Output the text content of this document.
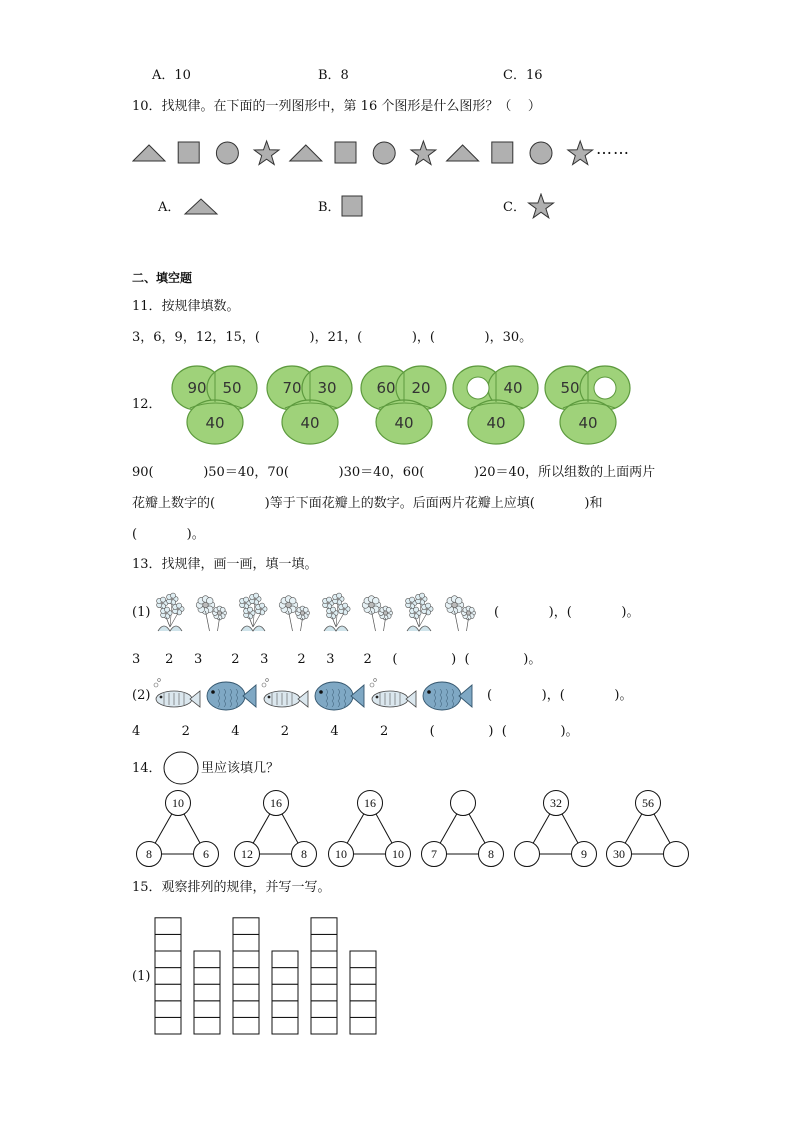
A．10	B．8	C．16
10．找规律。在下面的一列图形中，第 16 个图形是什么图形？（    ）
……
A．	B．	C．
二、填空题
11．按规律填数。
3，6，9，12，15，(            )，21，(            )，(            )，30。
12．
90 50
40
70 30
40
60 20
40
40
40
50
40
90(            )50＝40，70(            )30＝40，60(            )20＝40，所以组数的上面两片
花瓣上数字的(            )等于下面花瓣上的数字。后面两片花瓣上应填(            )和
(            )。
13．找规律，画一画，填一填。
(1)	(            )，(            )。
3      2     3       2     3       2     3       2     (             )  (             )。
(2)	(            )，(            )。
4          2          4          2          4          2          (             )  (             )。
14．	里应该填几？
10
8	6
16
12	8
16
10	10 7	8
32
9
56
30
15．观察排列的规律，并写一写。
(1)
